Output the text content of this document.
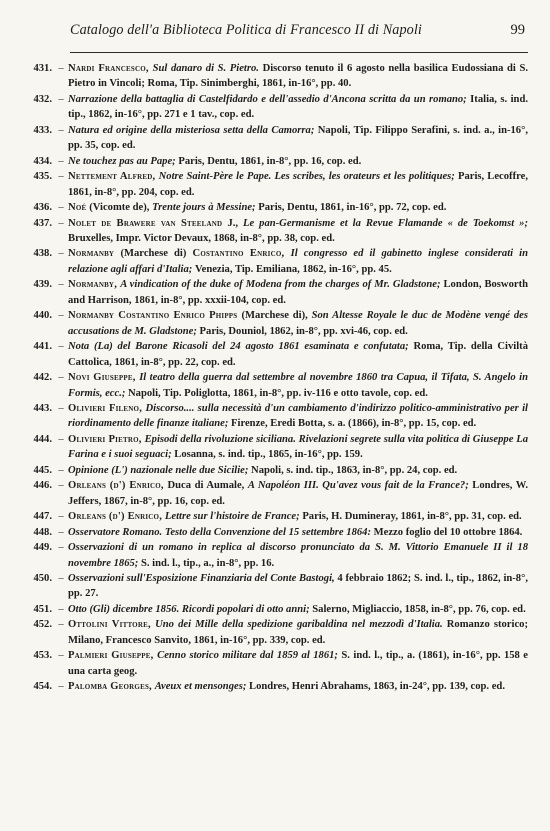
Catalogo dell'a Biblioteca Politica di Francesco II di Napoli	99
431. – Nardi Francesco, Sul danaro di S. Pietro. Discorso tenuto il 6 agosto nella basilica Eudossiana di S. Pietro in Vincoli; Roma, Tip. Sinimberghi, 1861, in-16°, pp. 40.
432. – Narrazione della battaglia di Castelfidardo e dell'assedio d'Ancona scritta da un romano; Italia, s. ind. tip., 1862, in-16°, pp. 271 e 1 tav., cop. ed.
433. – Natura ed origine della misteriosa setta della Camorra; Napoli, Tip. Filippo Serafini, s. ind. a., in-16°, pp. 35, cop. ed.
434. – Ne touchez pas au Pape; Paris, Dentu, 1861, in-8°, pp. 16, cop. ed.
435. – Nettement Alfred, Notre Saint-Père le Pape. Les scribes, les orateurs et les politiques; Paris, Lecoffre, 1861, in-8°, pp. 204, cop. ed.
436. – Noé (Vicomte de), Trente jours à Messine; Paris, Dentu, 1861, in-16°, pp. 72, cop. ed.
437. – Nolet de Brawere van Steeland J., Le pan-Germanisme et la Revue Flamande « de Toekomst »; Bruxelles, Impr. Victor Devaux, 1868, in-8°, pp. 38, cop. ed.
438. – Normanby (Marchese di) Costantino Enrico, Il congresso ed il gabinetto inglese considerati in relazione agli affari d'Italia; Venezia, Tip. Emiliana, 1862, in-16°, pp. 45.
439. – Normanby, A vindication of the duke of Modena from the charges of Mr. Gladstone; London, Bosworth and Harrison, 1861, in-8°, pp. xxxii-104, cop. ed.
440. – Normanby Costantino Enrico Phipps (Marchese di), Son Altesse Royale le duc de Modène vengé des accusations de M. Gladstone; Paris, Douniol, 1862, in-8°, pp. xvi-46, cop. ed.
441. – Nota (La) del Barone Ricasoli del 24 agosto 1861 esaminata e confutata; Roma, Tip. della Civiltà Cattolica, 1861, in-8°, pp. 22, cop. ed.
442. – Novi Giuseppe, Il teatro della guerra dal settembre al novembre 1860 tra Capua, il Tifata, S. Angelo in Formis, ecc.; Napoli, Tip. Poliglotta, 1861, in-8°, pp. iv-116 e otto tavole, cop. ed.
443. – Olivieri Fileno, Discorso.... sulla necessità d'un cambiamento d'indirizzo politico-amministrativo per il riordinamento delle finanze italiane; Firenze, Eredi Botta, s. a. (1866), in-8°, pp. 15, cop. ed.
444. – Olivieri Pietro, Episodi della rivoluzione siciliana. Rivelazioni segrete sulla vita politica di Giuseppe La Farina e i suoi seguaci; Losanna, s. ind. tip., 1865, in-16°, pp. 159.
445. – Opinione (L') nazionale nelle due Sicilie; Napoli, s. ind. tip., 1863, in-8°, pp. 24, cop. ed.
446. – Orleans (d') Enrico, Duca di Aumale, A Napoléon III. Qu'avez vous fait de la France?; Londres, W. Jeffers, 1867, in-8°, pp. 16, cop. ed.
447. – Orleans (d') Enrico, Lettre sur l'histoire de France; Paris, H. Dumineray, 1861, in-8°, pp. 31, cop. ed.
448. – Osservatore Romano. Testo della Convenzione del 15 settembre 1864: Mezzo foglio del 10 ottobre 1864.
449. – Osservazioni di un romano in replica al discorso pronunciato da S. M. Vittorio Emanuele II il 18 novembre 1865; S. ind. l., tip., a., in-8°, pp. 16.
450. – Osservazioni sull'Esposizione Finanziaria del Conte Bastogi, 4 febbraio 1862; S. ind. l., tip., 1862, in-8°, pp. 27.
451. – Otto (Gli) dicembre 1856. Ricordi popolari di otto anni; Salerno, Migliaccio, 1858, in-8°, pp. 76, cop. ed.
452. – Ottolini Vittore, Uno dei Mille della spedizione garibaldina nel mezzodì d'Italia. Romanzo storico; Milano, Francesco Sanvito, 1861, in-16°, pp. 339, cop. ed.
453. – Palmieri Giuseppe, Cenno storico militare dal 1859 al 1861; S. ind. l., tip., a. (1861), in-16°, pp. 158 e una carta geog.
454. – Palomba Georges, Aveux et mensonges; Londres, Henri Abrahams, 1863, in-24°, pp. 139, cop. ed.
